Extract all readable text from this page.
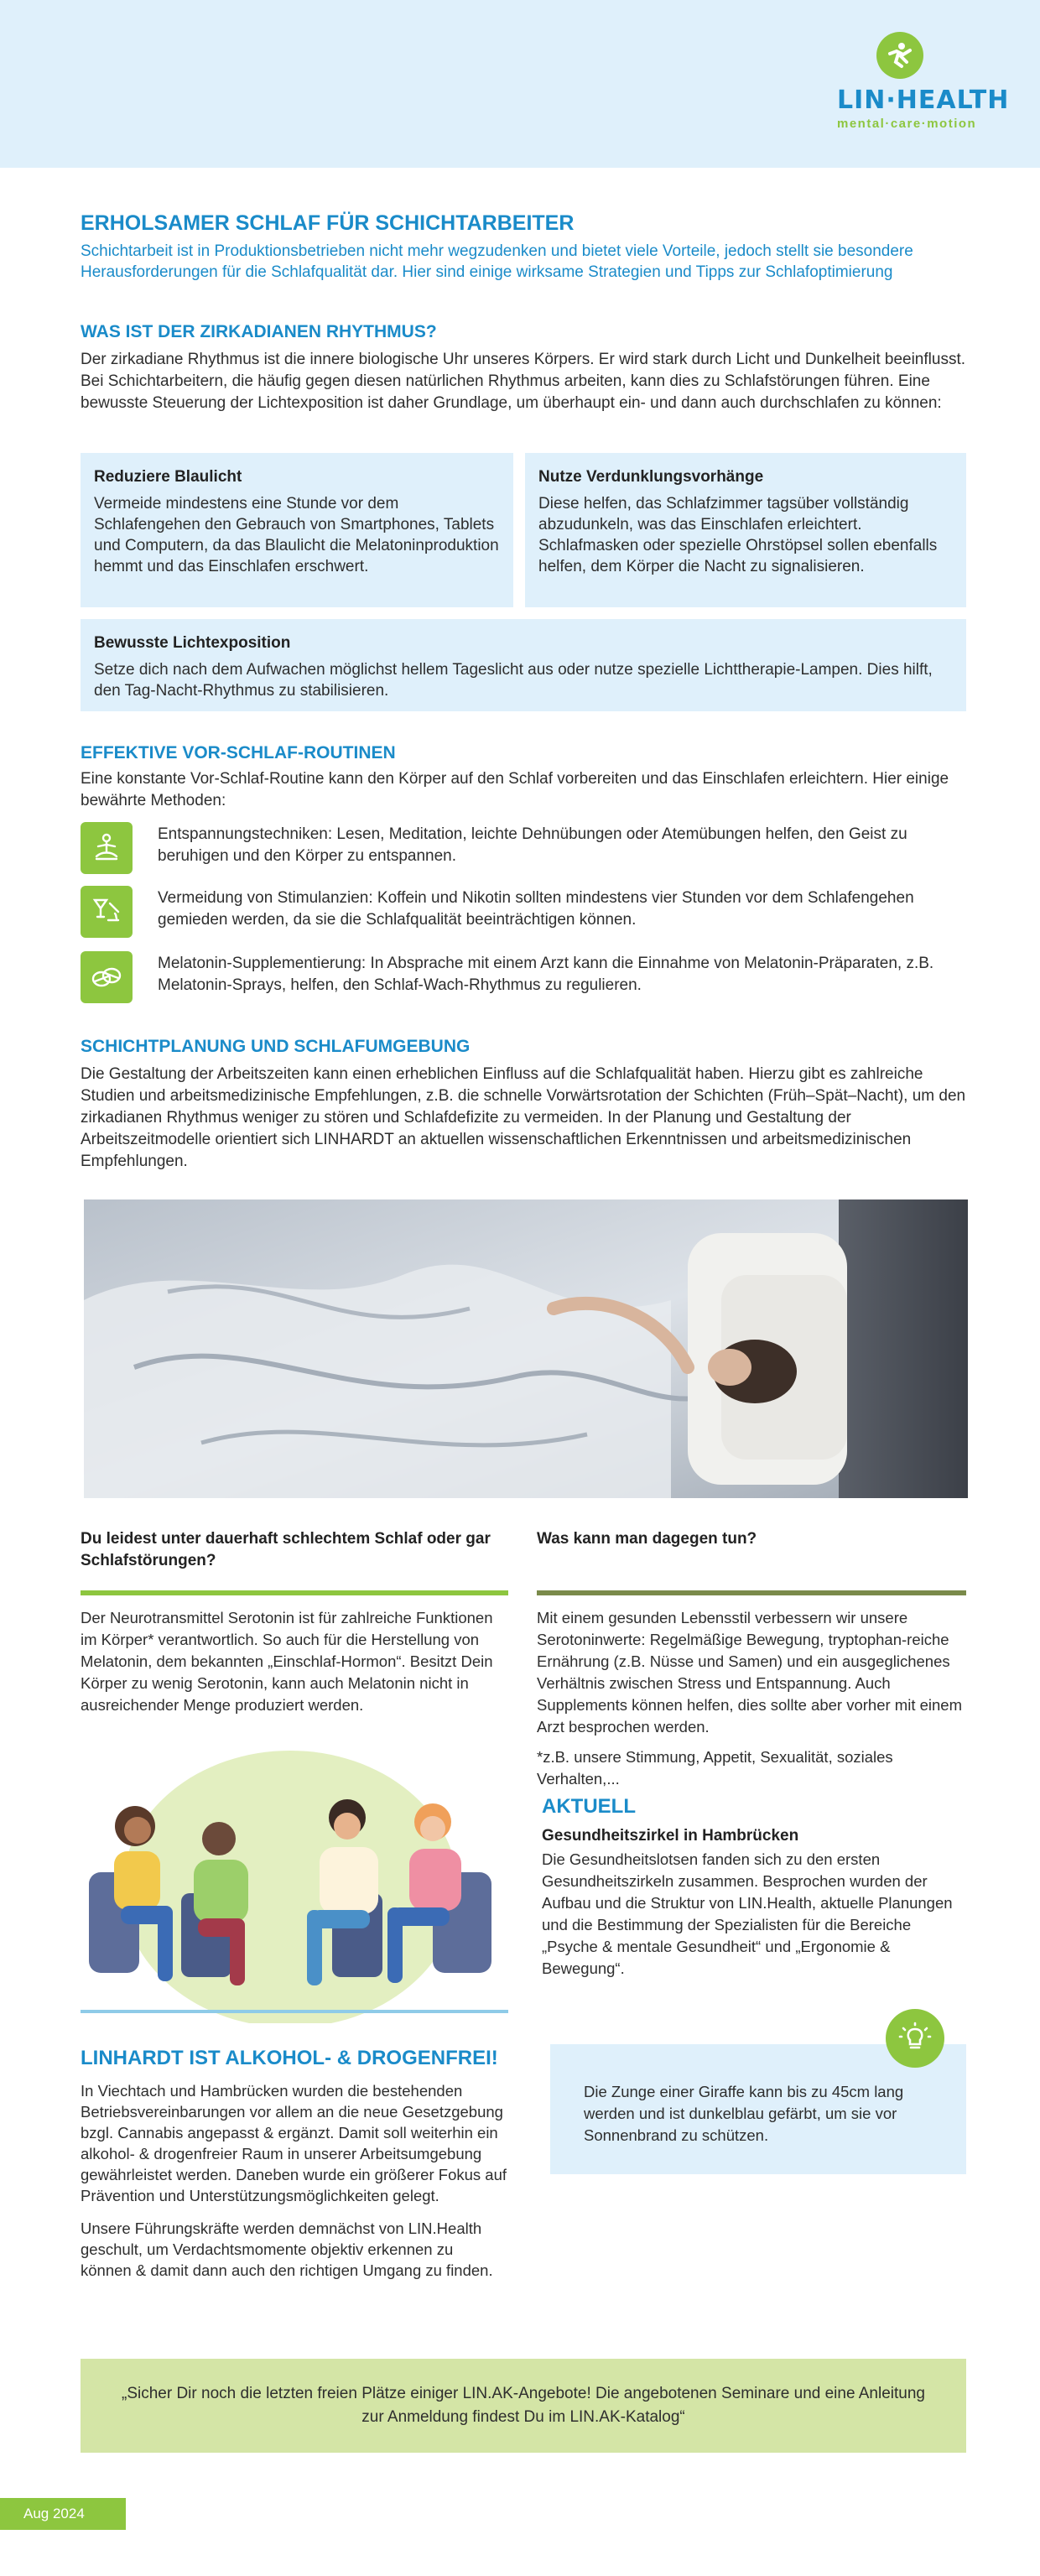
LIN·HEALTH
mental·care·motion
ERHOLSAMER SCHLAF FÜR SCHICHTARBEITER
Schichtarbeit ist in Produktionsbetrieben nicht mehr wegzudenken und bietet viele Vorteile, jedoch stellt sie besondere Herausforderungen für die Schlafqualität dar. Hier sind einige wirksame Strategien und Tipps zur Schlafoptimierung
WAS IST DER ZIRKADIANEN RHYTHMUS?
Der zirkadiane Rhythmus ist die innere biologische Uhr unseres Körpers. Er wird stark durch Licht und Dunkelheit beeinflusst. Bei Schichtarbeitern, die häufig gegen diesen natürlichen Rhythmus arbeiten, kann dies zu Schlafstörungen führen. Eine bewusste Steuerung der Lichtexposition ist daher Grundlage, um überhaupt ein- und dann auch durchschlafen zu können:
Reduziere Blaulicht

Vermeide mindestens eine Stunde vor dem Schlafengehen den Gebrauch von Smartphones, Tablets und Computern, da das Blaulicht die Melatoninproduktion hemmt und das Einschlafen erschwert.

Nutze Verdunklungsvorhänge

Diese helfen, das Schlafzimmer tagsüber vollständig abzudunkeln, was das Einschlafen erleichtert. Schlafmasken oder spezielle Ohrstöpsel sollen ebenfalls helfen, dem Körper die Nacht zu signalisieren.

Bewusste Lichtexposition

Setze dich nach dem Aufwachen möglichst hellem Tageslicht aus oder nutze spezielle Lichttherapie-Lampen. Dies hilft, den Tag-Nacht-Rhythmus zu stabilisieren.

EFFEKTIVE VOR-SCHLAF-ROUTINEN
Eine konstante Vor-Schlaf-Routine kann den Körper auf den Schlaf vorbereiten und das Einschlafen erleichtern. Hier einige bewährte Methoden:
Entspannungstechniken: Lesen, Meditation, leichte Dehnübungen oder Atemübungen helfen, den Geist zu beruhigen und den Körper zu entspannen.
Vermeidung von Stimulanzien: Koffein und Nikotin sollten mindestens vier Stunden vor dem Schlafengehen gemieden werden, da sie die Schlafqualität beeinträchtigen können.
Melatonin-Supplementierung: In Absprache mit einem Arzt kann die Einnahme von Melatonin-Präparaten, z.B. Melatonin-Sprays, helfen, den Schlaf-Wach-Rhythmus zu regulieren.
SCHICHTPLANUNG UND SCHLAFUMGEBUNG
Die Gestaltung der Arbeitszeiten kann einen erheblichen Einfluss auf die Schlafqualität haben. Hierzu gibt es zahlreiche Studien und arbeitsmedizinische Empfehlungen, z.B. die schnelle Vorwärtsrotation der Schichten (Früh–Spät–Nacht), um den zirkadianen Rhythmus weniger zu stören und Schlafdefizite zu vermeiden. In der Planung und Gestaltung der Arbeitszeitmodelle orientiert sich LINHARDT an aktuellen wissenschaftlichen Erkenntnissen und arbeitsmedizinischen Empfehlungen.
Du leidest unter dauerhaft schlechtem Schlaf oder gar Schlafstörungen?
Der Neurotransmittel Serotonin ist für zahlreiche Funktionen im Körper* verantwortlich. So auch für die Herstellung von Melatonin, dem bekannten „Einschlaf-Hormon“. Besitzt Dein Körper zu wenig Serotonin, kann auch Melatonin nicht in ausreichender Menge produziert werden.
Was kann man dagegen tun?
Mit einem gesunden Lebensstil verbessern wir unsere Serotoninwerte: Regelmäßige Bewegung, tryptophan-reiche Ernährung (z.B. Nüsse und Samen) und ein ausgeglichenes Verhältnis zwischen Stress und Entspannung. Auch Supplements können helfen, dies sollte aber vorher mit einem Arzt besprochen werden.
*z.B. unsere Stimmung, Appetit, Sexualität, soziales Verhalten,...
AKTUELL
Gesundheitszirkel in Hambrücken
Die Gesundheitslotsen fanden sich zu den ersten Gesundheitszirkeln zusammen. Besprochen wurden der Aufbau und die Struktur von LIN.Health, aktuelle Planungen und die Bestimmung der Spezialisten für die Bereiche „Psyche & mentale Gesundheit“ und „Ergonomie & Bewegung“.
LINHARDT IST ALKOHOL- & DROGENFREI!
In Viechtach und Hambrücken wurden die bestehenden Betriebsvereinbarungen vor allem an die neue Gesetzgebung bzgl. Cannabis angepasst & ergänzt. Damit soll weiterhin ein alkohol- & drogenfreier Raum in unserer Arbeitsumgebung gewährleistet werden. Daneben wurde ein größerer Fokus auf Prävention und Unterstützungsmöglichkeiten gelegt.
Unsere Führungskräfte werden demnächst von LIN.Health geschult, um Verdachtsmomente objektiv erkennen zu können & damit dann auch den richtigen Umgang zu finden.
Die Zunge einer Giraffe kann bis zu 45cm lang werden und ist dunkelblau gefärbt, um sie vor Sonnenbrand zu schützen.
„Sicher Dir noch die letzten freien Plätze einiger LIN.AK-Angebote! Die angebotenen Seminare und eine Anleitung zur Anmeldung findest Du im LIN.AK-Katalog“
Aug 2024
